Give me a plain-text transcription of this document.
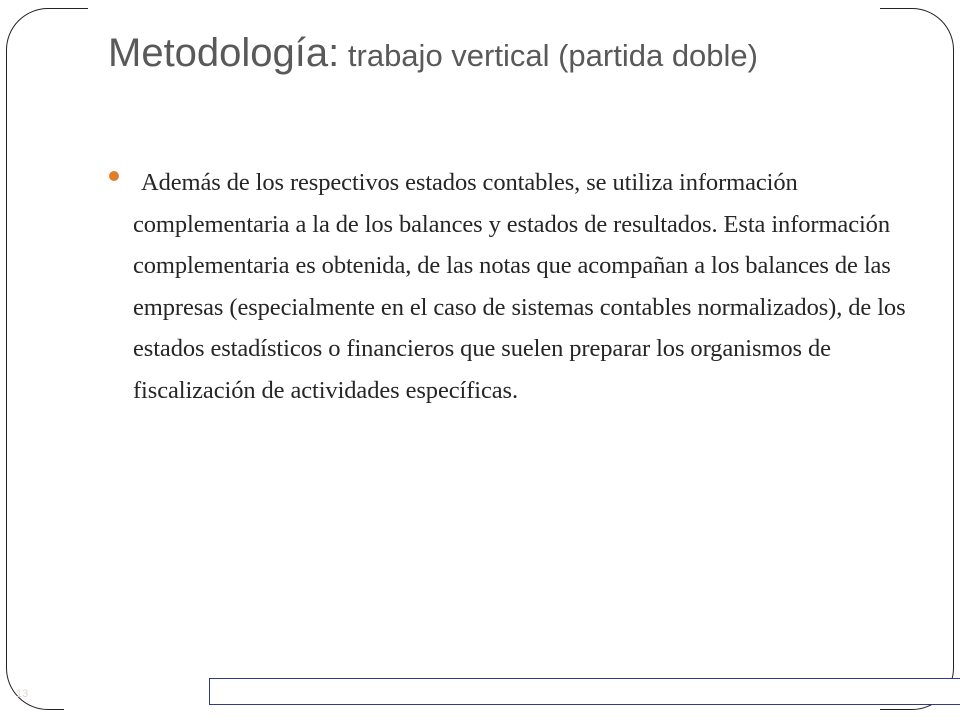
Metodología: trabajo vertical (partida doble)

Además de los respectivos estados contables, se utiliza información complementaria a la de los balances y estados de resultados. Esta información complementaria es obtenida, de las notas que acompañan a los balances de las empresas (especialmente en el caso de sistemas contables normalizados), de los estados estadísticos o financieros que suelen preparar los organismos de fiscalización de actividades específicas.

13
